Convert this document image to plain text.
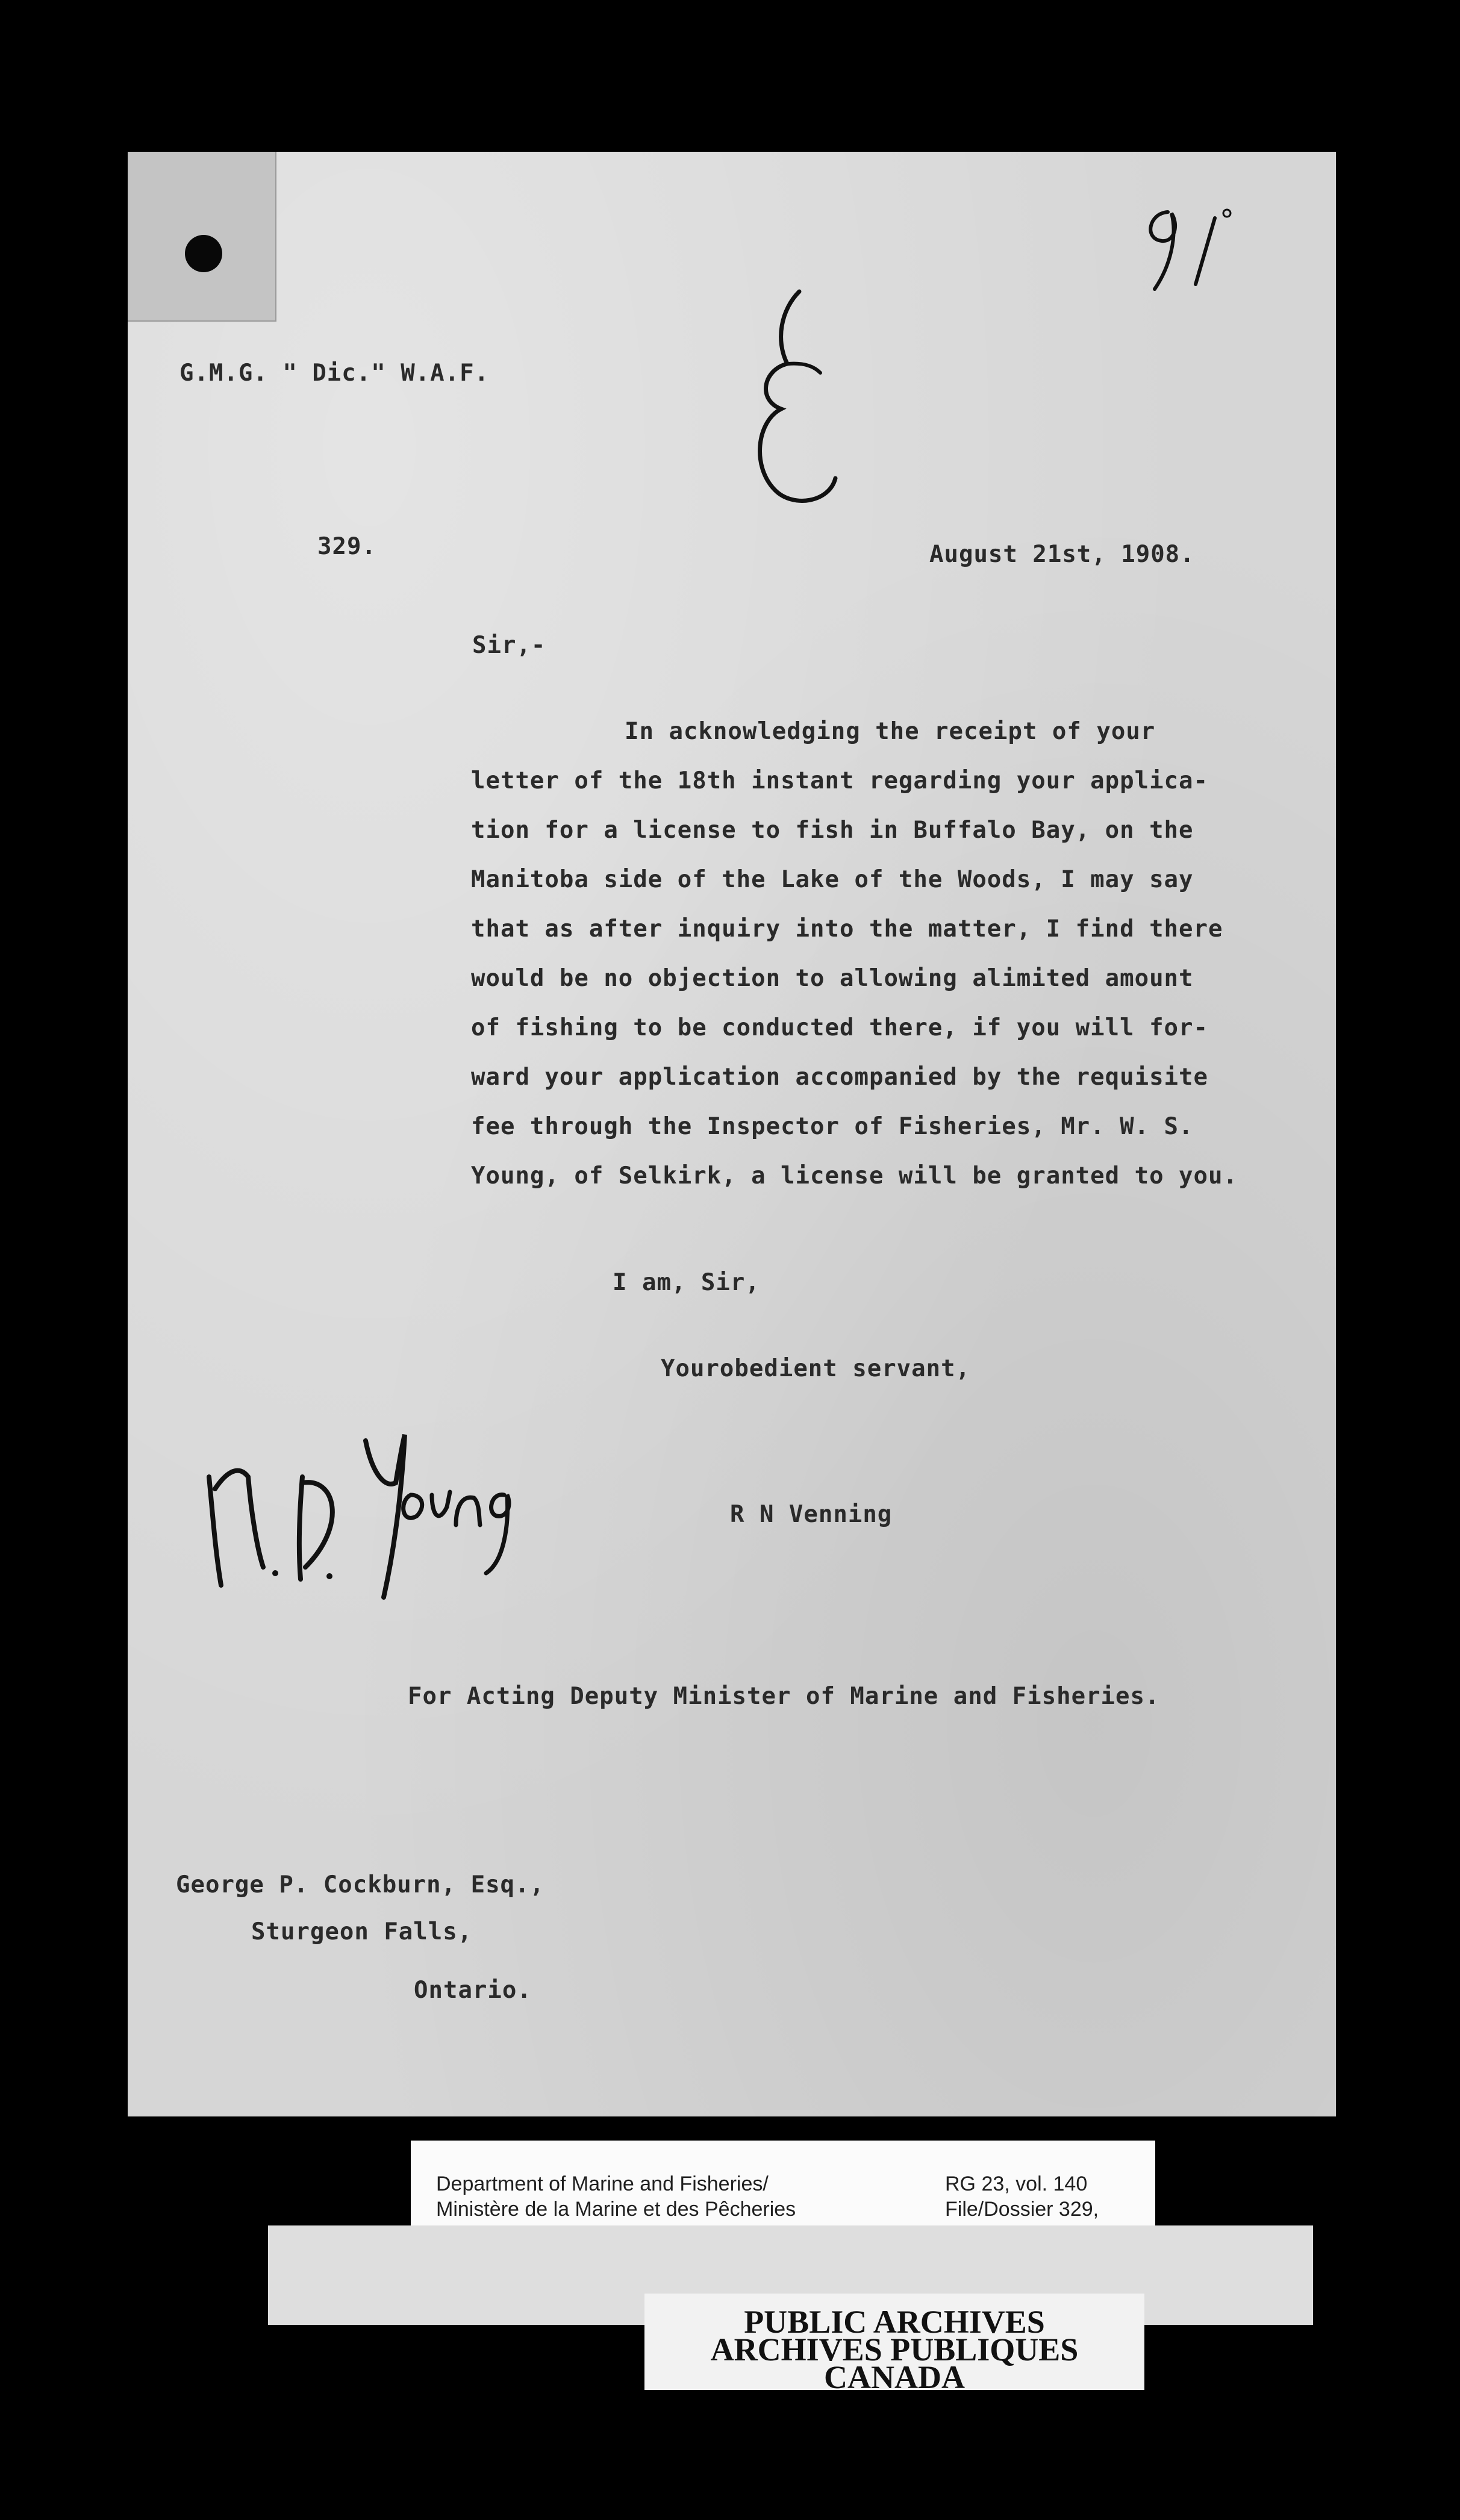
G.M.G. " Dic." W.A.F.
329.	August 21st, 1908.
Sir,-
In acknowledging the receipt of your
letter of the 18th instant regarding your applica-
tion for a license to fish in Buffalo Bay, on the
Manitoba side of the Lake of the Woods, I may say
that as after inquiry into the matter, I find there
would be no objection to allowing alimited amount
of fishing to be conducted there, if you will for-
ward your application accompanied by the requisite
fee through the Inspector of Fisheries, Mr. W. S.
Young, of Selkirk, a license will be granted to you.
I am, Sir,
Yourobedient servant,
R N Venning
For Acting Deputy Minister of Marine and Fisheries.
George P. Cockburn, Esq.,
Sturgeon Falls,
Ontario.
Department of Marine and Fisheries/
Ministère de la Marine et des Pêcheries
RG 23, vol. 140
File/Dossier 329,
PUBLIC ARCHIVES
ARCHIVES PUBLIQUES
CANADA
